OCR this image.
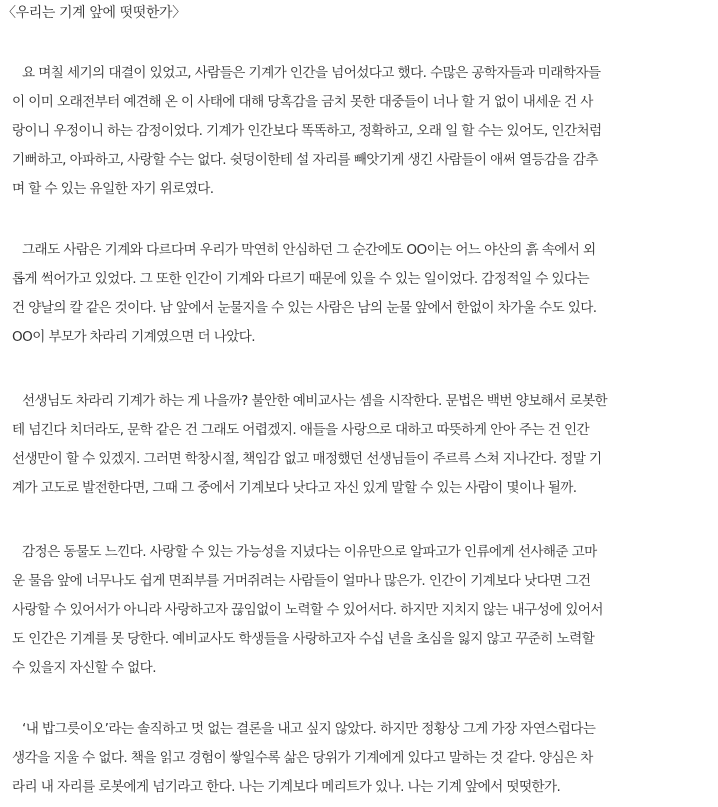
〈우리는 기계 앞에 떳떳한가〉

요 며칠 세기의 대결이 있었고, 사람들은 기계가 인간을 넘어섰다고 했다. 수많은 공학자들과 미래학자들
이 이미 오래전부터 예견해 온 이 사태에 대해 당혹감을 금치 못한 대중들이 너나 할 거 없이 내세운 건 사
랑이니 우정이니 하는 감정이었다. 기계가 인간보다 똑똑하고, 정확하고, 오래 일 할 수는 있어도, 인간처럼
기뻐하고, 아파하고, 사랑할 수는 없다. 쉿덩이한테 설 자리를 빼앗기게 생긴 사람들이 애써 열등감을 감추
며 할 수 있는 유일한 자기 위로였다.

그래도 사람은 기계와 다르다며 우리가 막연히 안심하던 그 순간에도 OO이는 어느 야산의 흙 속에서 외
롭게 썩어가고 있었다. 그 또한 인간이 기계와 다르기 때문에 있을 수 있는 일이었다. 감정적일 수 있다는
건 양날의 칼 같은 것이다. 남 앞에서 눈물지을 수 있는 사람은 남의 눈물 앞에서 한없이 차가울 수도 있다.
OO이 부모가 차라리 기계였으면 더 나았다.

선생님도 차라리 기계가 하는 게 나을까? 불안한 예비교사는 셈을 시작한다. 문법은 백번 양보해서 로봇한
테 넘긴다 치더라도, 문학 같은 건 그래도 어렵겠지. 애들을 사랑으로 대하고 따뜻하게 안아 주는 건 인간
선생만이 할 수 있겠지. 그러면 학창시절, 책임감 없고 매정했던 선생님들이 주르륵 스쳐 지나간다. 정말 기
계가 고도로 발전한다면, 그때 그 중에서 기계보다 낫다고 자신 있게 말할 수 있는 사람이 몇이나 될까.

감정은 동물도 느낀다. 사랑할 수 있는 가능성을 지녔다는 이유만으로 알파고가 인류에게 선사해준 고마
운 물음 앞에 너무나도 쉽게 면죄부를 거머쥐려는 사람들이 얼마나 많은가. 인간이 기계보다 낫다면 그건
사랑할 수 있어서가 아니라 사랑하고자 끊임없이 노력할 수 있어서다. 하지만 지치지 않는 내구성에 있어서
도 인간은 기계를 못 당한다. 예비교사도 학생들을 사랑하고자 수십 년을 초심을 잃지 않고 꾸준히 노력할
수 있을지 자신할 수 없다.

‘내 밥그릇이오’라는 솔직하고 멋 없는 결론을 내고 싶지 않았다. 하지만 정황상 그게 가장 자연스럽다는
생각을 지울 수 없다. 책을 읽고 경험이 쌓일수록 삶은 당위가 기계에게 있다고 말하는 것 같다. 양심은 차
라리 내 자리를 로봇에게 넘기라고 한다. 나는 기계보다 메리트가 있나. 나는 기계 앞에서 떳떳한가.
